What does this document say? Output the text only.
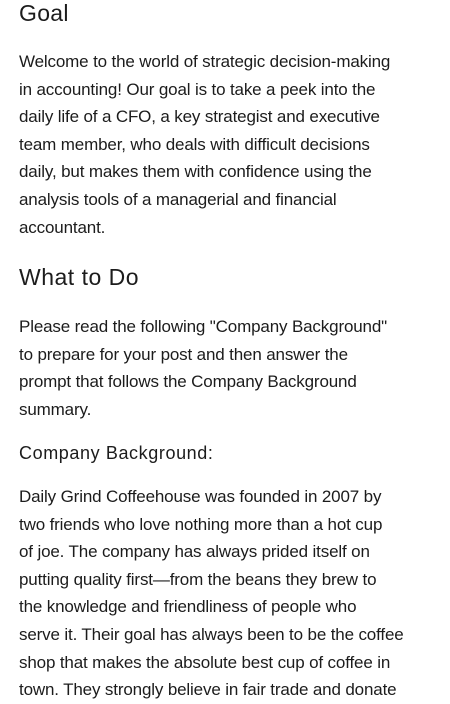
Goal

Welcome to the world of strategic decision-making
in accounting! Our goal is to take a peek into the
daily life of a CFO, a key strategist and executive
team member, who deals with difficult decisions
daily, but makes them with confidence using the
analysis tools of a managerial and financial
accountant.

What to Do

Please read the following "Company Background"
to prepare for your post and then answer the
prompt that follows the Company Background
summary.

Company Background:

Daily Grind Coffeehouse was founded in 2007 by
two friends who love nothing more than a hot cup
of joe. The company has always prided itself on
putting quality first—from the beans they brew to
the knowledge and friendliness of people who
serve it. Their goal has always been to be the coffee
shop that makes the absolute best cup of coffee in
town. They strongly believe in fair trade and donate
